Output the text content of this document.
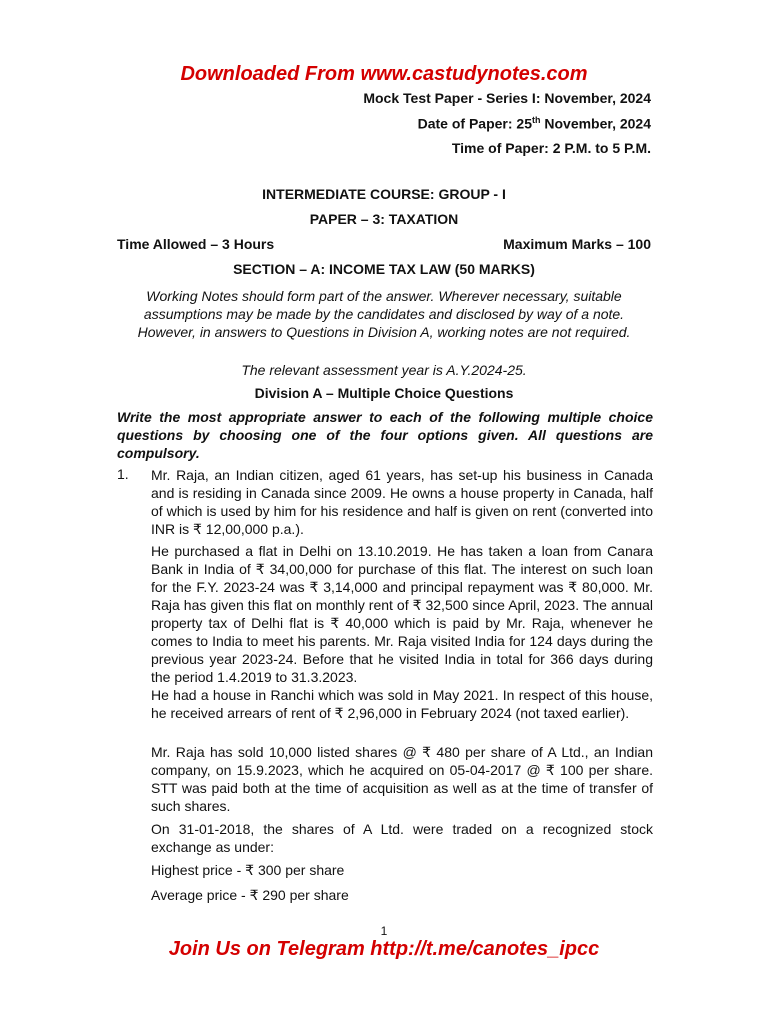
Downloaded From www.castudynotes.com
Mock Test Paper - Series I: November, 2024
Date of Paper: 25th November, 2024
Time of Paper: 2 P.M. to 5 P.M.
INTERMEDIATE COURSE: GROUP - I
PAPER – 3: TAXATION
Time Allowed – 3 Hours	Maximum Marks – 100
SECTION – A: INCOME TAX LAW (50 MARKS)
Working Notes should form part of the answer. Wherever necessary, suitable assumptions may be made by the candidates and disclosed by way of a note. However, in answers to Questions in Division A, working notes are not required.
The relevant assessment year is A.Y.2024-25.
Division A – Multiple Choice Questions
Write the most appropriate answer to each of the following multiple choice questions by choosing one of the four options given. All questions are compulsory.
1. Mr. Raja, an Indian citizen, aged 61 years, has set-up his business in Canada and is residing in Canada since 2009. He owns a house property in Canada, half of which is used by him for his residence and half is given on rent (converted into INR is ₹ 12,00,000 p.a.).
He purchased a flat in Delhi on 13.10.2019. He has taken a loan from Canara Bank in India of ₹ 34,00,000 for purchase of this flat. The interest on such loan for the F.Y. 2023-24 was ₹ 3,14,000 and principal repayment was ₹ 80,000. Mr. Raja has given this flat on monthly rent of ₹ 32,500 since April, 2023. The annual property tax of Delhi flat is ₹ 40,000 which is paid by Mr. Raja, whenever he comes to India to meet his parents. Mr. Raja visited India for 124 days during the previous year 2023-24. Before that he visited India in total for 366 days during the period 1.4.2019 to 31.3.2023.
He had a house in Ranchi which was sold in May 2021. In respect of this house, he received arrears of rent of ₹ 2,96,000 in February 2024 (not taxed earlier).
Mr. Raja has sold 10,000 listed shares @ ₹ 480 per share of A Ltd., an Indian company, on 15.9.2023, which he acquired on 05-04-2017 @ ₹ 100 per share. STT was paid both at the time of acquisition as well as at the time of transfer of such shares.
On 31-01-2018, the shares of A Ltd. were traded on a recognized stock exchange as under:
Highest price - ₹ 300 per share
Average price - ₹ 290 per share
1
Join Us on Telegram http://t.me/canotes_ipcc
